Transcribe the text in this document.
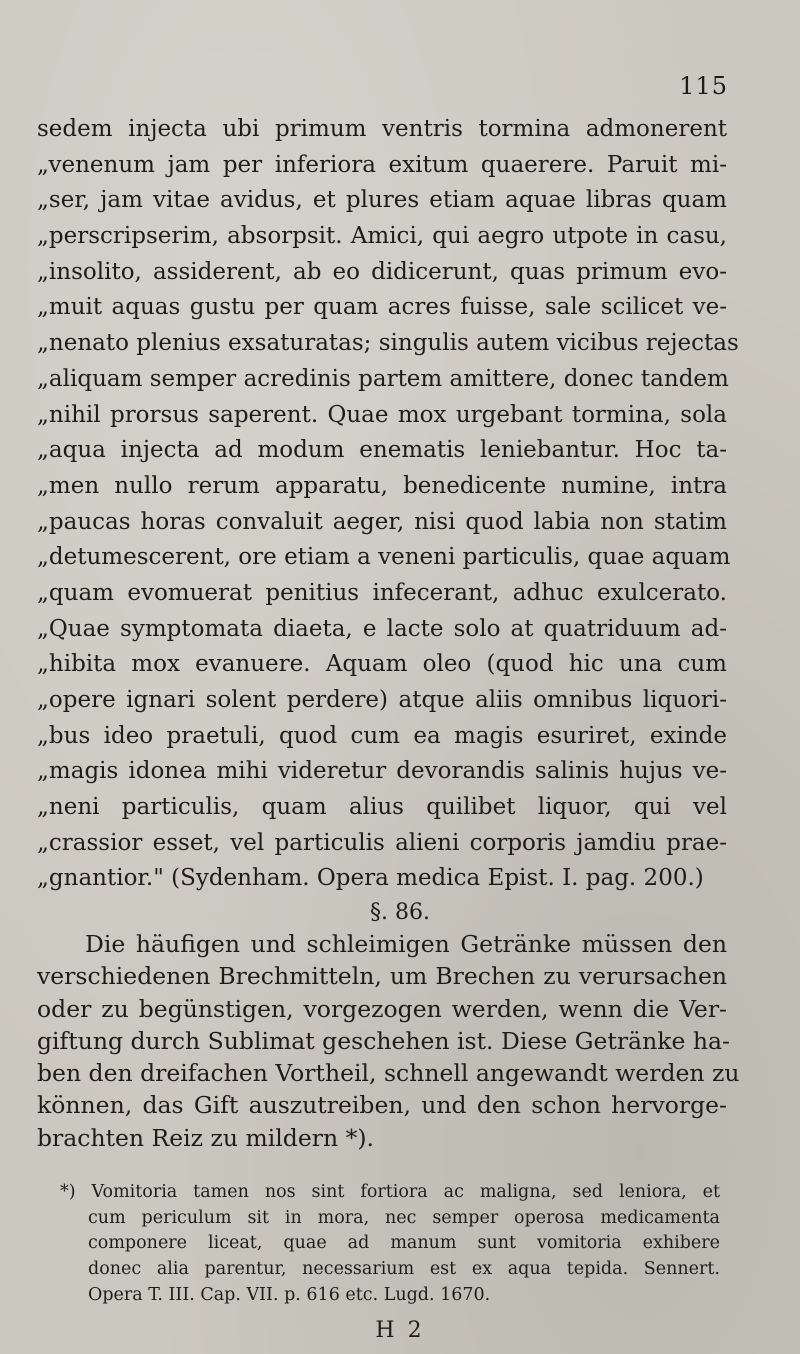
115
sedem injecta ubi primum ventris tormina admonerent
„venenum jam per inferiora exitum quaerere. Paruit mi-
„ser, jam vitae avidus, et plures etiam aquae libras quam
„perscripserim, absorpsit. Amici, qui aegro utpote in casu,
„insolito, assiderent, ab eo didicerunt, quas primum evo-
„muit aquas gustu per quam acres fuisse, sale scilicet ve-
„nenato plenius exsaturatas; singulis autem vicibus rejectas
„aliquam semper acredinis partem amittere, donec tandem
„nihil prorsus saperent. Quae mox urgebant tormina, sola
„aqua injecta ad modum enematis leniebantur. Hoc ta-
„men nullo rerum apparatu, benedicente numine, intra
„paucas horas convaluit aeger, nisi quod labia non statim
„detumescerent, ore etiam a veneni particulis, quae aquam
„quam evomuerat penitius infecerant, adhuc exulcerato.
„Quae symptomata diaeta, e lacte solo at quatriduum ad-
„hibita mox evanuere. Aquam oleo (quod hic una cum
„opere ignari solent perdere) atque aliis omnibus liquori-
„bus ideo praetuli, quod cum ea magis esuriret, exinde
„magis idonea mihi videretur devorandis salinis hujus ve-
„neni particulis, quam alius quilibet liquor, qui vel
„crassior esset, vel particulis alieni corporis jamdiu prae-
„gnantior." (Sydenham. Opera medica Epist. I. pag. 200.)
§. 86.
Die häufigen und schleimigen Getränke müssen den
verschiedenen Brechmitteln, um Brechen zu verursachen
oder zu begünstigen, vorgezogen werden, wenn die Ver-
giftung durch Sublimat geschehen ist. Diese Getränke ha-
ben den dreifachen Vortheil, schnell angewandt werden zu
können, das Gift auszutreiben, und den schon hervorge-
brachten Reiz zu mildern *).
*) Vomitoria tamen nos sint fortiora ac maligna, sed leniora, et
cum periculum sit in mora, nec semper operosa medicamenta
componere liceat, quae ad manum sunt vomitoria exhibere
donec alia parentur, necessarium est ex aqua tepida. Sennert.
Opera T. III. Cap. VII. p. 616 etc. Lugd. 1670.
H 2
